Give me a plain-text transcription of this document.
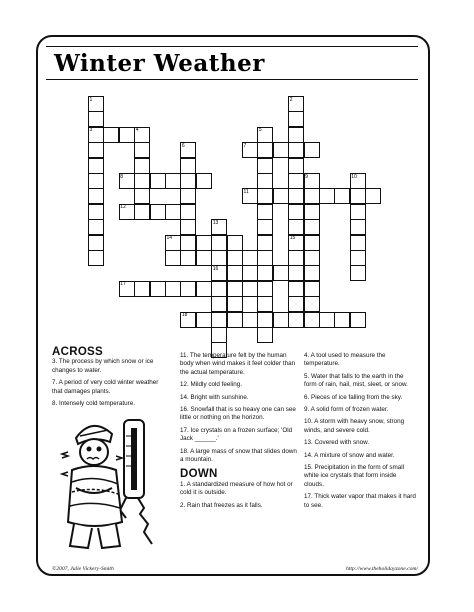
Winter Weather
1	2
3	4	5
6	7
8	9	10
11
12
13
14	15
16
17
18
ACROSS

3. The process by which snow or ice changes to water.

7. A period of very cold winter weather that damages plants.

8. Intensely cold temperature.

11. The temperature felt by the human body when wind makes it feel colder than the actual temperature.

12. Mildly cold feeling.

14. Bright with sunshine.

16. Snowfall that is so heavy one can see little or nothing on the horizon.

17. Ice crystals on a frozen surface; 'Old Jack ______.'

18. A large mass of snow that slides down a mountain.

DOWN

1. A standardized measure of how hot or cold it is outside.

2. Rain that freezes as it falls.

4. A tool used to measure the temperature.

5. Water that falls to the earth in the form of rain, hail, mist, sleet, or snow.

6. Pieces of ice falling from the sky.

9. A solid form of frozen water.

10. A storm with heavy snow, strong winds, and severe cold.

13. Covered with snow.

14. A mixture of snow and water.

15. Precipitation in the form of small white ice crystals that form inside clouds.

17. Thick water vapor that makes it hard to see.

©2007, Julie Vickery-Smith	http://www.theholidayzone.com/
